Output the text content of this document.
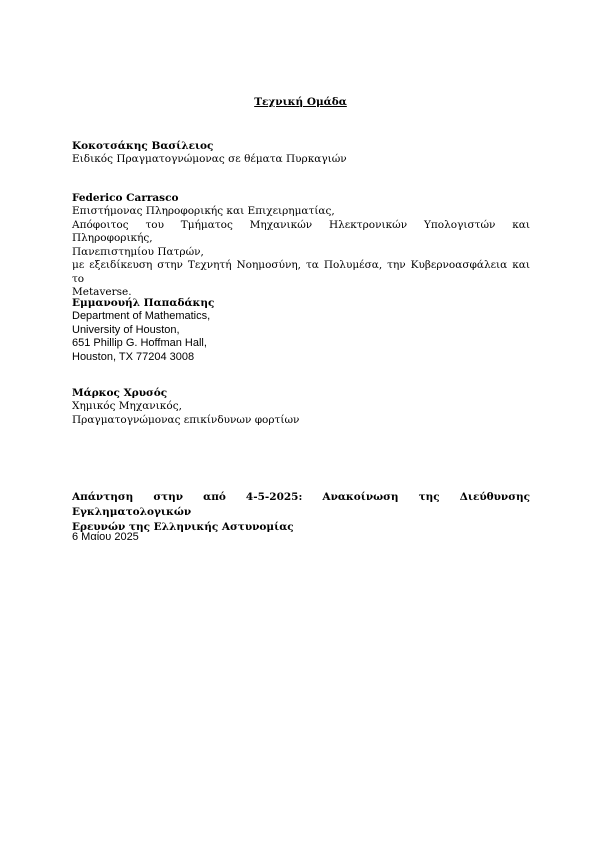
Τεχνική Ομάδα
Κοκοτσάκης Βασίλειος
Ειδικός Πραγματογνώμονας σε θέματα Πυρκαγιών
Federico Carrasco
Επιστήμονας Πληροφορικής και Επιχειρηματίας,
Απόφοιτος του Τμήματος Μηχανικών Ηλεκτρονικών Υπολογιστών και Πληροφορικής,
Πανεπιστημίου Πατρών,
με εξειδίκευση στην Τεχνητή Νοημοσύνη, τα Πολυμέσα, την Κυβερνοασφάλεια και το
Metaverse.
Εμμανουήλ Παπαδάκης
Department of Mathematics,
University of Houston,
651 Phillip G. Hoffman Hall,
Houston, TX 77204 3008
Μάρκος Χρυσός
Χημικός Μηχανικός,
Πραγματογνώμονας επικίνδυνων φορτίων
Απάντηση στην από 4-5-2025: Ανακοίνωση της Διεύθυνσης Εγκληματολογικών
Ερευνών της Ελληνικής Αστυνομίας
6 Μαίου 2025
